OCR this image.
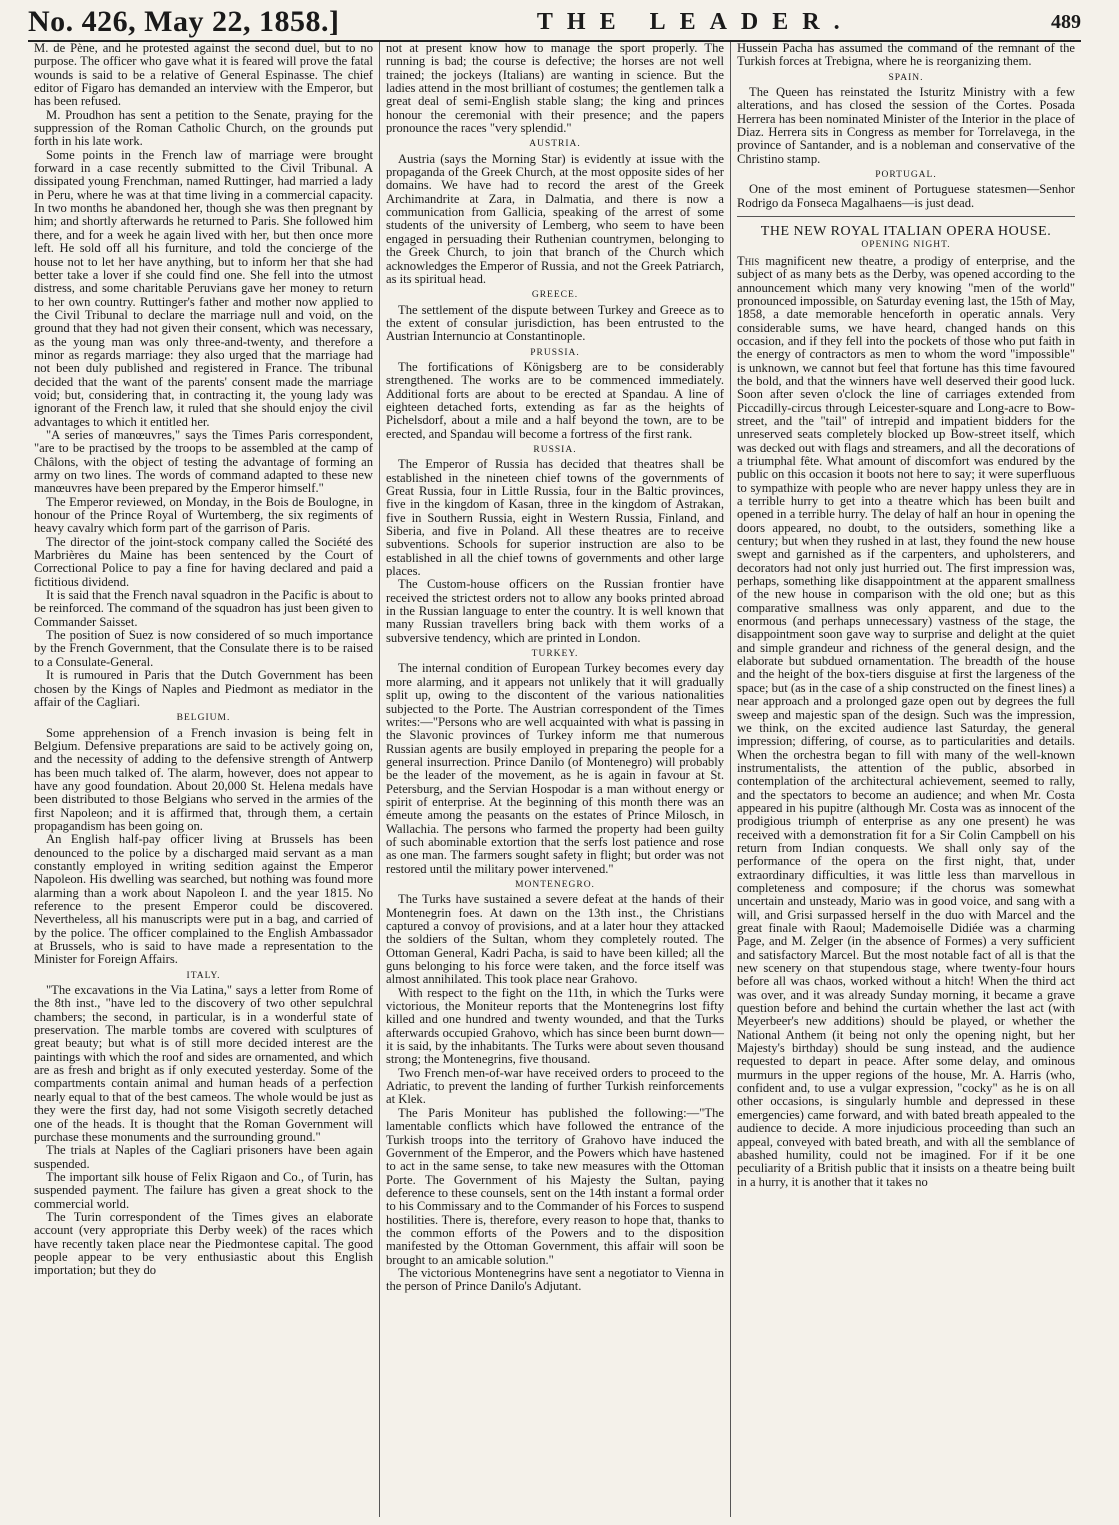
No. 426, May 22, 1858.]	THE LEADER.	489

M. de Pène, and he protested against the second duel, but to no purpose. The officer who gave what it is feared will prove the fatal wounds is said to be a relative of General Espinasse. The chief editor of Figaro has demanded an interview with the Emperor, but has been refused.

M. Proudhon has sent a petition to the Senate, praying for the suppression of the Roman Catholic Church, on the grounds put forth in his late work.

Some points in the French law of marriage were brought forward in a case recently submitted to the Civil Tribunal. A dissipated young Frenchman, named Ruttinger, had married a lady in Peru, where he was at that time living in a commercial capacity. In two months he abandoned her, though she was then pregnant by him; and shortly afterwards he returned to Paris. She followed him there, and for a week he again lived with her, but then once more left. He sold off all his furniture, and told the concierge of the house not to let her have anything, but to inform her that she had better take a lover if she could find one. She fell into the utmost distress, and some charitable Peruvians gave her money to return to her own country. Ruttinger's father and mother now applied to the Civil Tribunal to declare the marriage null and void, on the ground that they had not given their consent, which was necessary, as the young man was only three-and-twenty, and therefore a minor as regards marriage: they also urged that the marriage had not been duly published and registered in France. The tribunal decided that the want of the parents' consent made the marriage void; but, considering that, in contracting it, the young lady was ignorant of the French law, it ruled that she should enjoy the civil advantages to which it entitled her.

"A series of manœuvres," says the Times Paris correspondent, "are to be practised by the troops to be assembled at the camp of Châlons, with the object of testing the advantage of forming an army on two lines. The words of command adapted to these new manœuvres have been prepared by the Emperor himself."

The Emperor reviewed, on Monday, in the Bois de Boulogne, in honour of the Prince Royal of Wurtemberg, the six regiments of heavy cavalry which form part of the garrison of Paris.

The director of the joint-stock company called the Société des Marbrières du Maine has been sentenced by the Court of Correctional Police to pay a fine for having declared and paid a fictitious dividend.

It is said that the French naval squadron in the Pacific is about to be reinforced. The command of the squadron has just been given to Commander Saisset.

The position of Suez is now considered of so much importance by the French Government, that the Consulate there is to be raised to a Consulate-General.

It is rumoured in Paris that the Dutch Government has been chosen by the Kings of Naples and Piedmont as mediator in the affair of the Cagliari.

BELGIUM.

Some apprehension of a French invasion is being felt in Belgium. Defensive preparations are said to be actively going on, and the necessity of adding to the defensive strength of Antwerp has been much talked of. The alarm, however, does not appear to have any good foundation. About 20,000 St. Helena medals have been distributed to those Belgians who served in the armies of the first Napoleon; and it is affirmed that, through them, a certain propagandism has been going on.

An English half-pay officer living at Brussels has been denounced to the police by a discharged maid servant as a man constantly employed in writing sedition against the Emperor Napoleon. His dwelling was searched, but nothing was found more alarming than a work about Napoleon I. and the year 1815. No reference to the present Emperor could be discovered. Nevertheless, all his manuscripts were put in a bag, and carried of by the police. The officer complained to the English Ambassador at Brussels, who is said to have made a representation to the Minister for Foreign Affairs.

ITALY.

"The excavations in the Via Latina," says a letter from Rome of the 8th inst., "have led to the discovery of two other sepulchral chambers; the second, in particular, is in a wonderful state of preservation. The marble tombs are covered with sculptures of great beauty; but what is of still more decided interest are the paintings with which the roof and sides are ornamented, and which are as fresh and bright as if only executed yesterday. Some of the compartments contain animal and human heads of a perfection nearly equal to that of the best cameos. The whole would be just as they were the first day, had not some Visigoth secretly detached one of the heads. It is thought that the Roman Government will purchase these monuments and the surrounding ground."

The trials at Naples of the Cagliari prisoners have been again suspended.

The important silk house of Felix Rigaon and Co., of Turin, has suspended payment. The failure has given a great shock to the commercial world.

The Turin correspondent of the Times gives an elaborate account (very appropriate this Derby week) of the races which have recently taken place near the Piedmontese capital. The good people appear to be very enthusiastic about this English importation; but they do

not at present know how to manage the sport properly. The running is bad; the course is defective; the horses are not well trained; the jockeys (Italians) are wanting in science. But the ladies attend in the most brilliant of costumes; the gentlemen talk a great deal of semi-English stable slang; the king and princes honour the ceremonial with their presence; and the papers pronounce the races "very splendid."

AUSTRIA.

Austria (says the Morning Star) is evidently at issue with the propaganda of the Greek Church, at the most opposite sides of her domains. We have had to record the arest of the Greek Archimandrite at Zara, in Dalmatia, and there is now a communication from Gallicia, speaking of the arrest of some students of the university of Lemberg, who seem to have been engaged in persuading their Ruthenian countrymen, belonging to the Greek Church, to join that branch of the Church which acknowledges the Emperor of Russia, and not the Greek Patriarch, as its spiritual head.

GREECE.

The settlement of the dispute between Turkey and Greece as to the extent of consular jurisdiction, has been entrusted to the Austrian Internuncio at Constantinople.

PRUSSIA.

The fortifications of Königsberg are to be considerably strengthened. The works are to be commenced immediately. Additional forts are about to be erected at Spandau. A line of eighteen detached forts, extending as far as the heights of Pichelsdorf, about a mile and a half beyond the town, are to be erected, and Spandau will become a fortress of the first rank.

RUSSIA.

The Emperor of Russia has decided that theatres shall be established in the nineteen chief towns of the governments of Great Russia, four in Little Russia, four in the Baltic provinces, five in the kingdom of Kasan, three in the kingdom of Astrakan, five in Southern Russia, eight in Western Russia, Finland, and Siberia, and five in Poland. All these theatres are to receive subventions. Schools for superior instruction are also to be established in all the chief towns of governments and other large places.

The Custom-house officers on the Russian frontier have received the strictest orders not to allow any books printed abroad in the Russian language to enter the country. It is well known that many Russian travellers bring back with them works of a subversive tendency, which are printed in London.

TURKEY.

The internal condition of European Turkey becomes every day more alarming, and it appears not unlikely that it will gradually split up, owing to the discontent of the various nationalities subjected to the Porte. The Austrian correspondent of the Times writes:—"Persons who are well acquainted with what is passing in the Slavonic provinces of Turkey inform me that numerous Russian agents are busily employed in preparing the people for a general insurrection. Prince Danilo (of Montenegro) will probably be the leader of the movement, as he is again in favour at St. Petersburg, and the Servian Hospodar is a man without energy or spirit of enterprise. At the beginning of this month there was an émeute among the peasants on the estates of Prince Milosch, in Wallachia. The persons who farmed the property had been guilty of such abominable extortion that the serfs lost patience and rose as one man. The farmers sought safety in flight; but order was not restored until the military power intervened."

MONTENEGRO.

The Turks have sustained a severe defeat at the hands of their Montenegrin foes. At dawn on the 13th inst., the Christians captured a convoy of provisions, and at a later hour they attacked the soldiers of the Sultan, whom they completely routed. The Ottoman General, Kadri Pacha, is said to have been killed; all the guns belonging to his force were taken, and the force itself was almost annihilated. This took place near Grahovo.

With respect to the fight on the 11th, in which the Turks were victorious, the Moniteur reports that the Montenegrins lost fifty killed and one hundred and twenty wounded, and that the Turks afterwards occupied Grahovo, which has since been burnt down—it is said, by the inhabitants. The Turks were about seven thousand strong; the Montenegrins, five thousand.

Two French men-of-war have received orders to proceed to the Adriatic, to prevent the landing of further Turkish reinforcements at Klek.

The Paris Moniteur has published the following:—"The lamentable conflicts which have followed the entrance of the Turkish troops into the territory of Grahovo have induced the Government of the Emperor, and the Powers which have hastened to act in the same sense, to take new measures with the Ottoman Porte. The Government of his Majesty the Sultan, paying deference to these counsels, sent on the 14th instant a formal order to his Commissary and to the Commander of his Forces to suspend hostilities. There is, therefore, every reason to hope that, thanks to the common efforts of the Powers and to the disposition manifested by the Ottoman Government, this affair will soon be brought to an amicable solution."

The victorious Montenegrins have sent a negotiator to Vienna in the person of Prince Danilo's Adjutant.

Hussein Pacha has assumed the command of the remnant of the Turkish forces at Trebigna, where he is reorganizing them.

SPAIN.

The Queen has reinstated the Isturitz Ministry with a few alterations, and has closed the session of the Cortes. Posada Herrera has been nominated Minister of the Interior in the place of Diaz. Herrera sits in Congress as member for Torrelavega, in the province of Santander, and is a nobleman and conservative of the Christino stamp.

PORTUGAL.

One of the most eminent of Portuguese statesmen—Senhor Rodrigo da Fonseca Magalhaens—is just dead.

THE NEW ROYAL ITALIAN OPERA HOUSE.
OPENING NIGHT.

This magnificent new theatre, a prodigy of enterprise, and the subject of as many bets as the Derby, was opened according to the announcement which many very knowing "men of the world" pronounced impossible, on Saturday evening last, the 15th of May, 1858, a date memorable henceforth in operatic annals. Very considerable sums, we have heard, changed hands on this occasion, and if they fell into the pockets of those who put faith in the energy of contractors as men to whom the word "impossible" is unknown, we cannot but feel that fortune has this time favoured the bold, and that the winners have well deserved their good luck. Soon after seven o'clock the line of carriages extended from Piccadilly-circus through Leicester-square and Long-acre to Bow-street, and the "tail" of intrepid and impatient bidders for the unreserved seats completely blocked up Bow-street itself, which was decked out with flags and streamers, and all the decorations of a triumphal fête. What amount of discomfort was endured by the public on this occasion it boots not here to say; it were superfluous to sympathize with people who are never happy unless they are in a terrible hurry to get into a theatre which has been built and opened in a terrible hurry. The delay of half an hour in opening the doors appeared, no doubt, to the outsiders, something like a century; but when they rushed in at last, they found the new house swept and garnished as if the carpenters, and upholsterers, and decorators had not only just hurried out. The first impression was, perhaps, something like disappointment at the apparent smallness of the new house in comparison with the old one; but as this comparative smallness was only apparent, and due to the enormous (and perhaps unnecessary) vastness of the stage, the disappointment soon gave way to surprise and delight at the quiet and simple grandeur and richness of the general design, and the elaborate but subdued ornamentation. The breadth of the house and the height of the box-tiers disguise at first the largeness of the space; but (as in the case of a ship constructed on the finest lines) a near approach and a prolonged gaze open out by degrees the full sweep and majestic span of the design. Such was the impression, we think, on the excited audience last Saturday, the general impression; differing, of course, as to particularities and details. When the orchestra began to fill with many of the well-known instrumentalists, the attention of the public, absorbed in contemplation of the architectural achievement, seemed to rally, and the spectators to become an audience; and when Mr. Costa appeared in his pupitre (although Mr. Costa was as innocent of the prodigious triumph of enterprise as any one present) he was received with a demonstration fit for a Sir Colin Campbell on his return from Indian conquests. We shall only say of the performance of the opera on the first night, that, under extraordinary difficulties, it was little less than marvellous in completeness and composure; if the chorus was somewhat uncertain and unsteady, Mario was in good voice, and sang with a will, and Grisi surpassed herself in the duo with Marcel and the great finale with Raoul; Mademoiselle Didiée was a charming Page, and M. Zelger (in the absence of Formes) a very sufficient and satisfactory Marcel. But the most notable fact of all is that the new scenery on that stupendous stage, where twenty-four hours before all was chaos, worked without a hitch! When the third act was over, and it was already Sunday morning, it became a grave question before and behind the curtain whether the last act (with Meyerbeer's new additions) should be played, or whether the National Anthem (it being not only the opening night, but her Majesty's birthday) should be sung instead, and the audience requested to depart in peace. After some delay, and ominous murmurs in the upper regions of the house, Mr. A. Harris (who, confident and, to use a vulgar expression, "cocky" as he is on all other occasions, is singularly humble and depressed in these emergencies) came forward, and with bated breath appealed to the audience to decide. A more injudicious proceeding than such an appeal, conveyed with bated breath, and with all the semblance of abashed humility, could not be imagined. For if it be one peculiarity of a British public that it insists on a theatre being built in a hurry, it is another that it takes no
